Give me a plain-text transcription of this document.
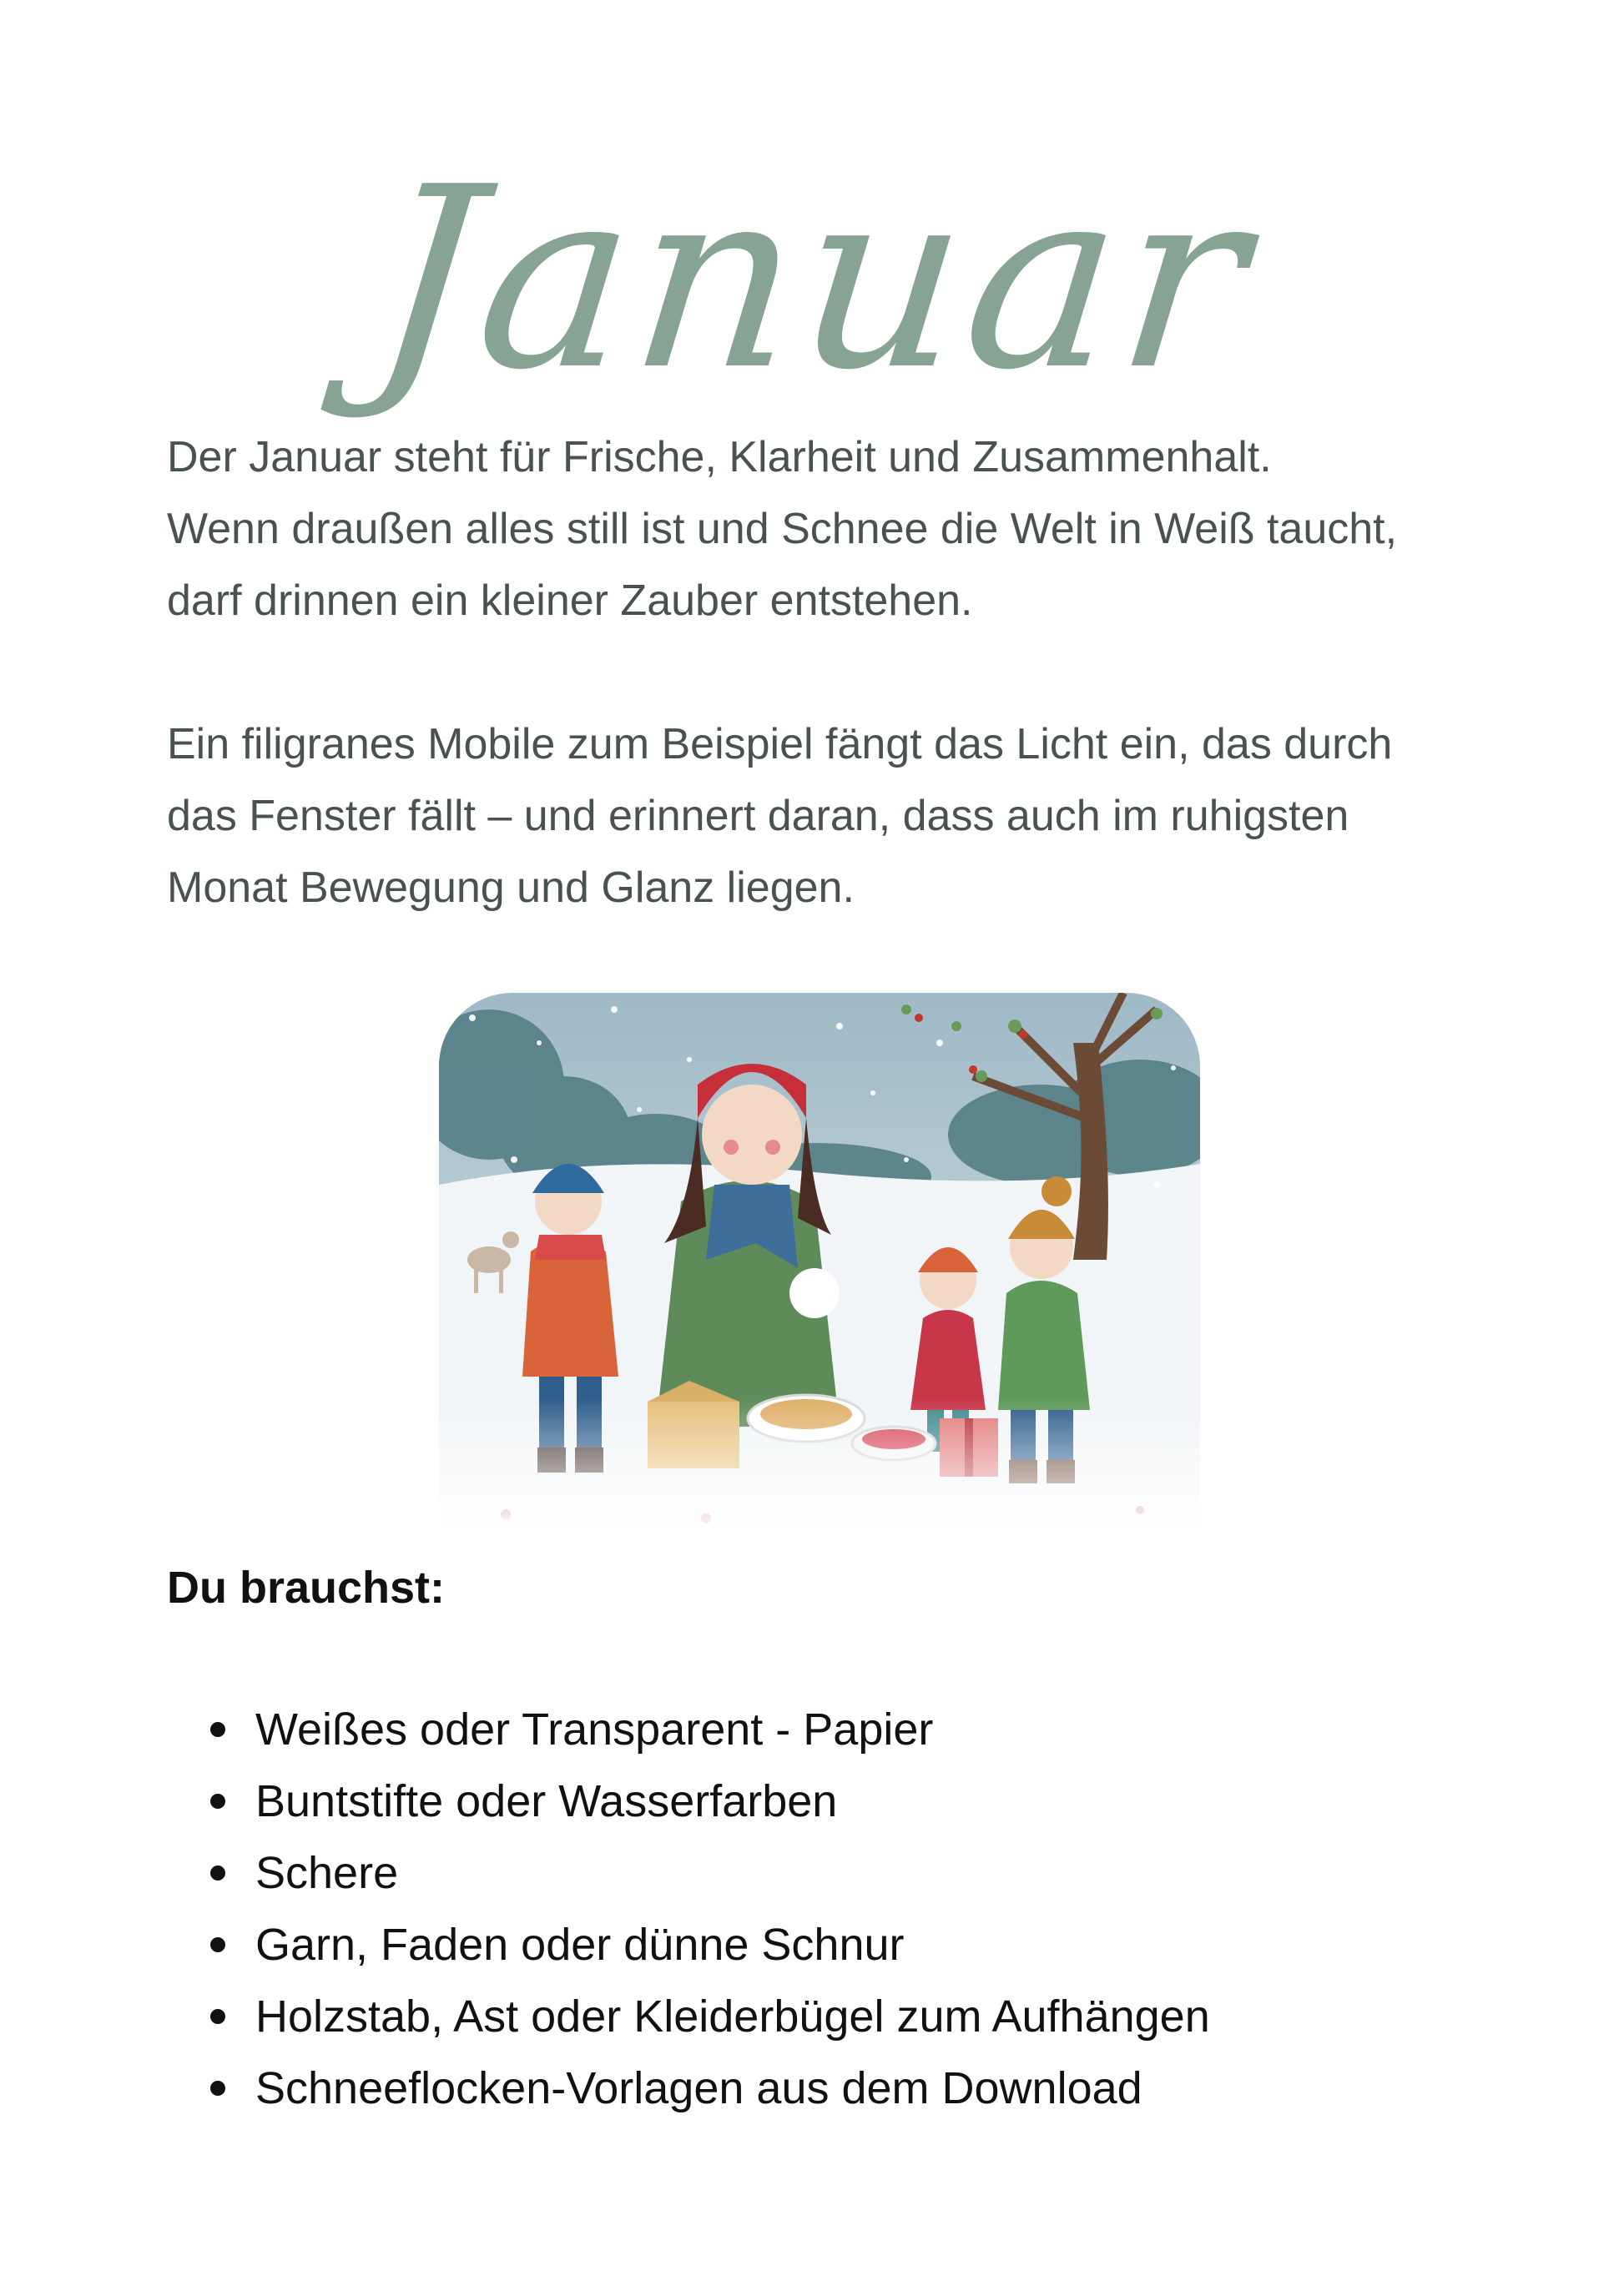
Januar

Der Januar steht für Frische, Klarheit und Zusammenhalt.

Wenn draußen alles still ist und Schnee die Welt in Weiß taucht,

darf drinnen ein kleiner Zauber entstehen.

Ein filigranes Mobile zum Beispiel fängt das Licht ein, das durch

das Fenster fällt – und erinnert daran, dass auch im ruhigsten

Monat Bewegung und Glanz liegen.

Du brauchst:
Weißes oder Transparent - Papier
Buntstifte oder Wasserfarben
Schere
Garn, Faden oder dünne Schnur
Holzstab, Ast oder Kleiderbügel zum Aufhängen
Schneeflocken-Vorlagen aus dem Download
